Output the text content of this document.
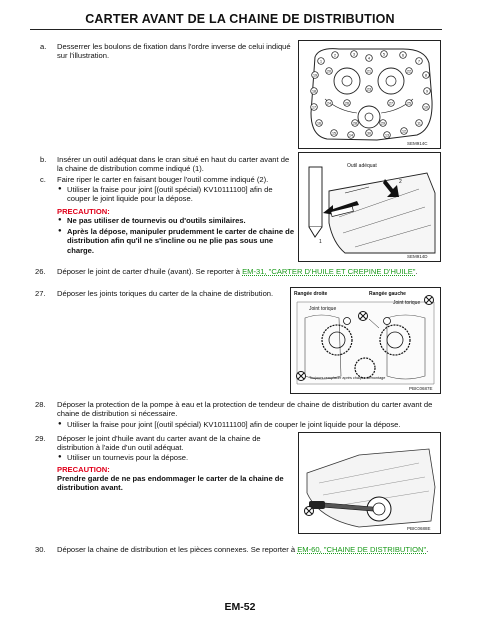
CARTER AVANT DE LA CHAINE DE DISTRIBUTION
a. Desserrer les boulons de fixation dans l'ordre inverse de celui indiqué sur l'illustration.
1
2	3
4
5	6
7
8
9
10
11
12
13
14
15
16
17
18
19
20	21	22
23
24	25
26	27
28	29
30
SEM914C
b. Insérer un outil adéquat dans le cran situé en haut du carter avant de la chaine de distribution comme indiqué (1).
c. Faire riper le carter en faisant bouger l'outil comme indiqué (2).
● Utiliser la fraise pour joint [(outil spécial) KV10111100] afin de couper le joint liquide pour la dépose.
PRECAUTION:
● Ne pas utiliser de tournevis ou d'outils similaires.
● Après la dépose, manipuler prudemment le carter de chaine de distribution afin qu'il ne s'incline ou ne plie pas sous une charge.
1
2
Outil adéquat
SEM914D
26. Déposer le joint de carter d'huile (avant). Se reporter à EM-31, "CARTER D'HUILE ET CREPINE D'HUILE".
27. Déposer les joints toriques du carter de la chaine de distribution.	Rangée droite	Rangée gauche
Joint torique
Joint torique
Toujours remplacer après chaque démontage
PBIC0687E
28. Déposer la protection de la pompe à eau et la protection de tendeur de chaine de distribution du carter avant de chaine de distribution si nécessaire.
● Utiliser la fraise pour joint [(outil spécial) KV10111100] afin de couper le joint liquide pour la dépose.
29. Déposer le joint d'huile avant du carter avant de la chaine de distribution à l'aide d'un outil adéquat.
● Utiliser un tournevis pour la dépose.
PRECAUTION:
Prendre garde de ne pas endommager le carter de la chaine de distribution avant.
PBIC0688E
30. Déposer la chaine de distribution et les pièces connexes. Se reporter à EM-60, "CHAINE DE DISTRIBUTION".
EM-52
